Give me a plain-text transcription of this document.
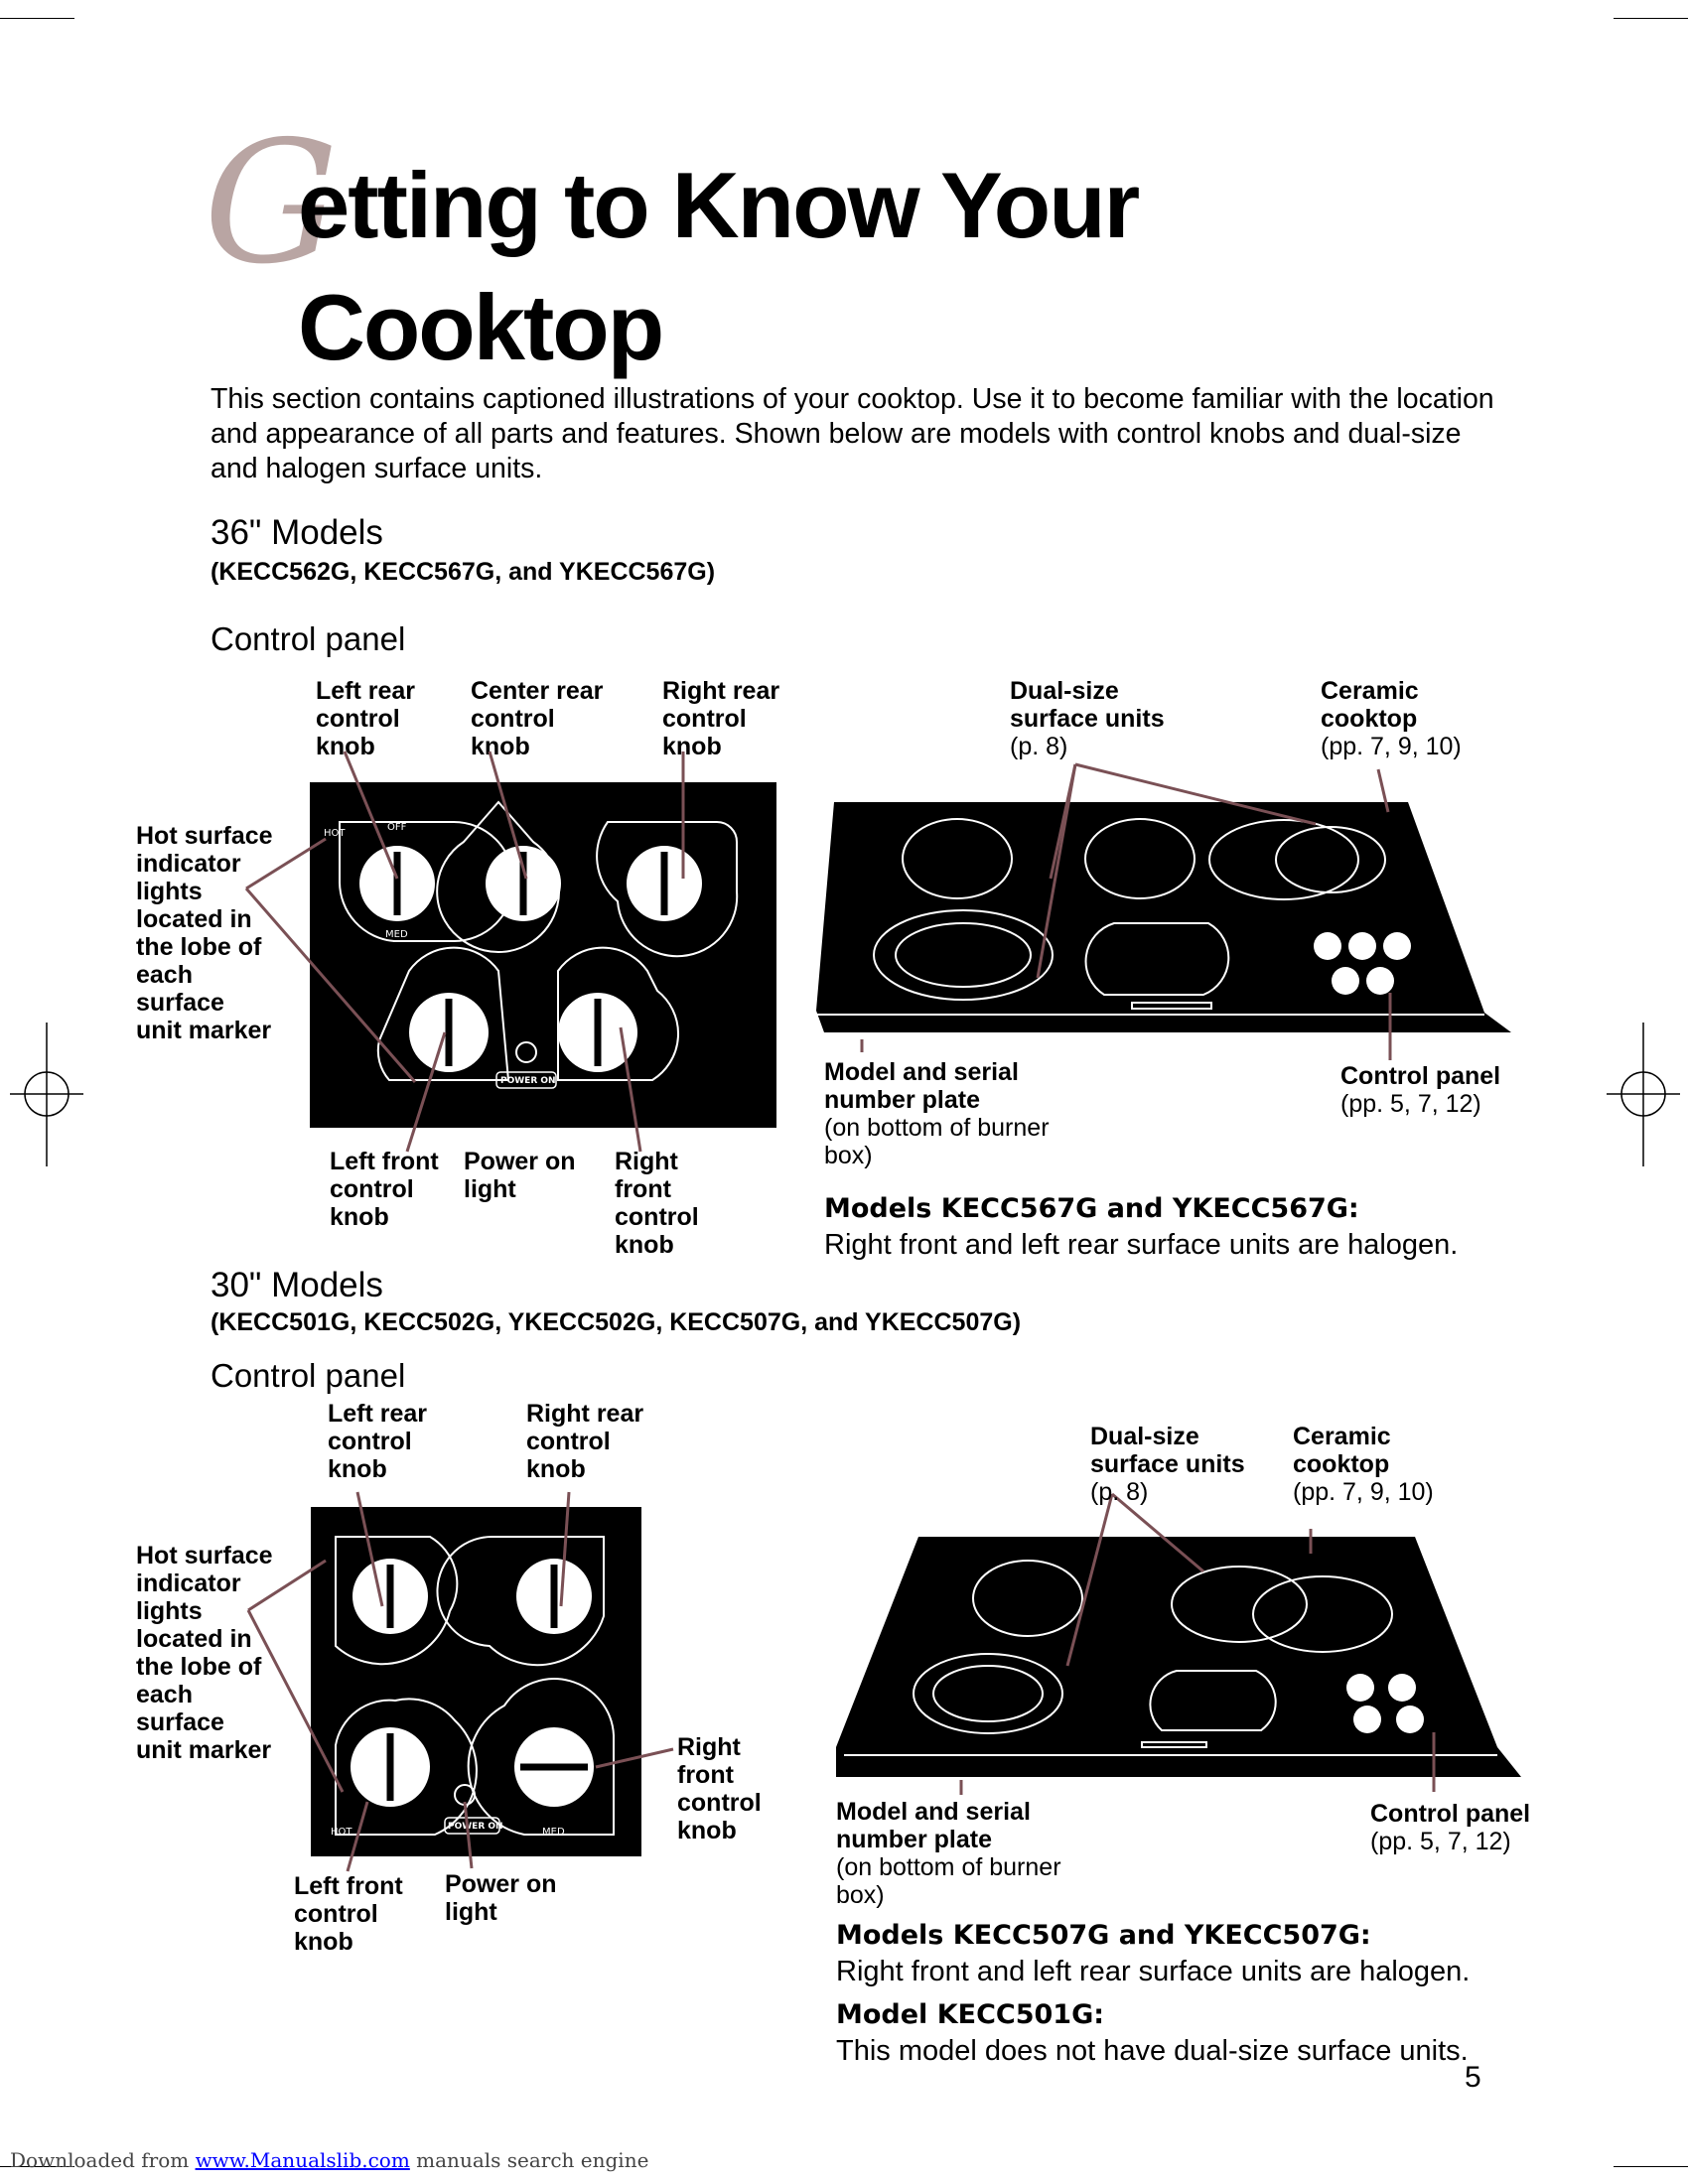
G
etting to Know Your
Cooktop
This section contains captioned illustrations of your cooktop. Use it to become familiar with the location and appearance of all parts and features. Shown below are models with control knobs and dual-size and halogen surface units.
36" Models
(KECC562G, KECC567G, and YKECC567G)
Control panel
Left rear control knob
Center rear control knob
Right rear control knob
Hot surface indicator lights located in the lobe of each surface unit marker
Left front control knob
Power on light
Right front control knob
POWER ON
OFF
HOT
MED
Dual-size surface units
(p. 8)
Ceramic cooktop
(pp. 7, 9, 10)
Model and serial number plate
(on bottom of burner box)
Control panel
(pp. 5, 7, 12)
Models KECC567G and YKECC567G:
Right front and left rear surface units are halogen.
30" Models
(KECC501G, KECC502G, YKECC502G, KECC507G, and YKECC507G)
Control panel
Left rear control knob
Right rear control knob
Hot surface indicator lights located in the lobe of each surface unit marker	Right front control knob
Left front control knob
Power on light
POWER ON
HOT	MED
Dual-size surface units
(p. 8)
Ceramic cooktop
(pp. 7, 9, 10)
Model and serial number plate
(on bottom of burner box)
Control panel
(pp. 5, 7, 12)
Models KECC507G and YKECC507G:
Right front and left rear surface units are halogen.
Model KECC501G:
This model does not have dual-size surface units.
5
Downloaded from www.Manualslib.com manuals search engine
